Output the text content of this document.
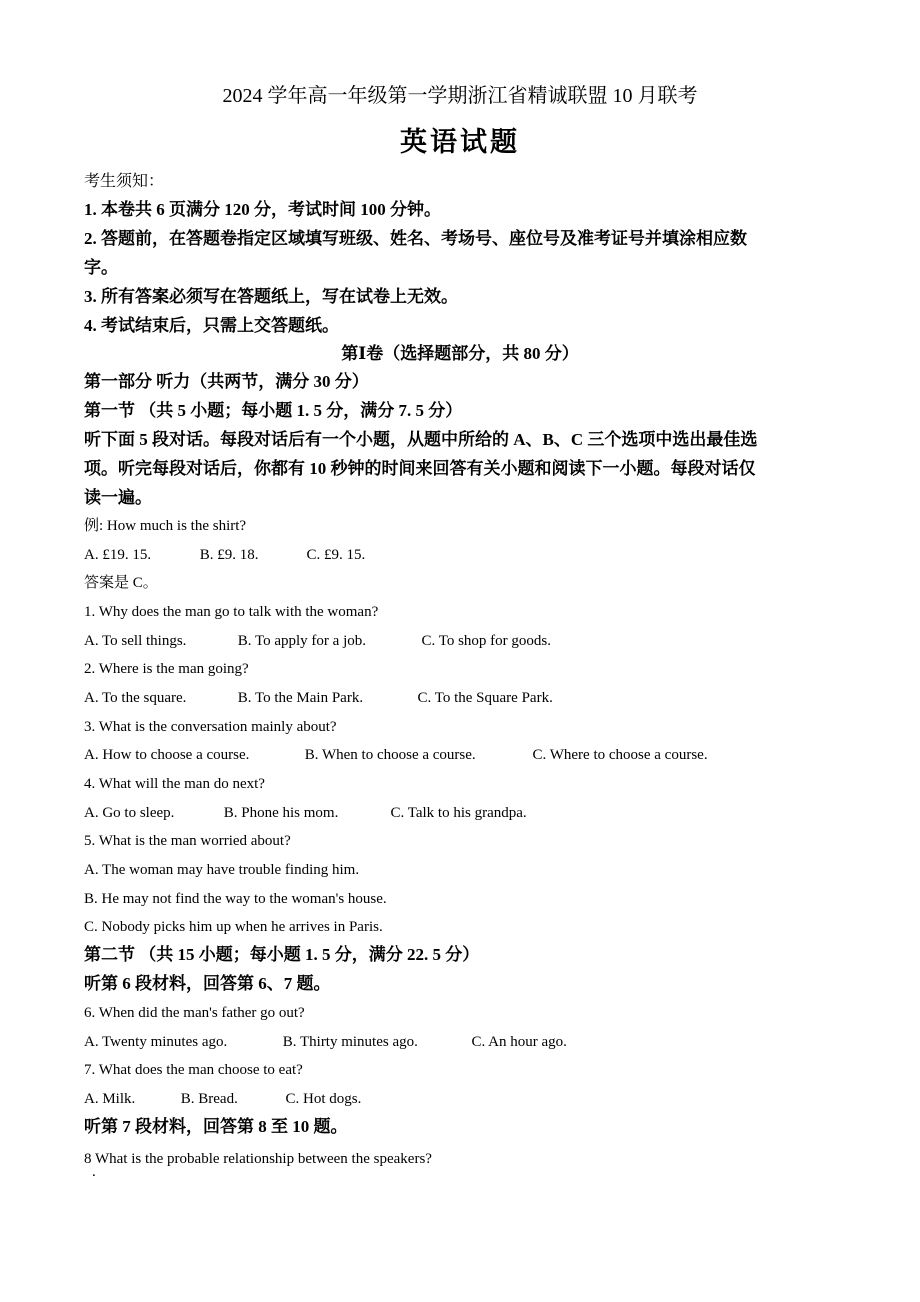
2024 学年高一年级第一学期浙江省精诚联盟 10 月联考
英语试题
考生须知：
1. 本卷共 6 页满分 120 分，考试时间 100 分钟。
2. 答题前，在答题卷指定区域填写班级、姓名、考场号、座位号及准考证号并填涂相应数
字。
3. 所有答案必须写在答题纸上，写在试卷上无效。
4. 考试结束后，只需上交答题纸。
第Ⅰ卷（选择题部分，共 80 分）
第一部分 听力（共两节，满分 30 分）
第一节 （共 5 小题；每小题 1. 5 分，满分 7. 5 分）
听下面 5 段对话。每段对话后有一个小题，从题中所给的 A、B、C 三个选项中选出最佳选
项。听完每段对话后，你都有 10 秒钟的时间来回答有关小题和阅读下一小题。每段对话仅
读一遍。
例: How much is the shirt?
A. £19. 15.	B. £9. 18.	C. £9. 15.
答案是 C。
1. Why does the man go to talk with the woman?
A. To sell things.	B. To apply for a job.	C. To shop for goods.
2. Where is the man going?
A. To the square.	B. To the Main Park.	C. To the Square Park.
3. What is the conversation mainly about?
A. How to choose a course.	B. When to choose a course.	C. Where to choose a course.
4. What will the man do next?
A. Go to sleep.	B. Phone his mom.	C. Talk to his grandpa.
5. What is the man worried about?
A. The woman may have trouble finding him.
B. He may not find the way to the woman's house.
C. Nobody picks him up when he arrives in Paris.
第二节 （共 15 小题；每小题 1. 5 分，满分 22. 5 分）
听第 6 段材料，回答第 6、7 题。
6. When did the man's father go out?
A. Twenty minutes ago.	B. Thirty minutes ago.	C. An hour ago.
7. What does the man choose to eat?
A. Milk.	B. Bread.	C. Hot dogs.
听第 7 段材料，回答第 8 至 10 题。
8 What is the probable relationship between the speakers?
.
